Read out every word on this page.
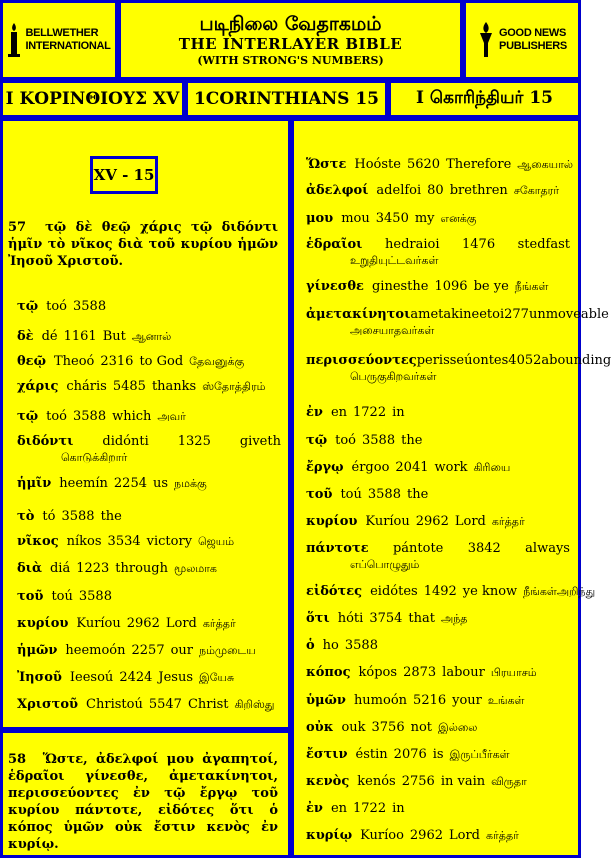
BELLWETHER
INTERNATIONAL
படிநிலை வேதாகமம்
THE INTERLAYER BIBLE
(WITH STRONG'S NUMBERS)
GOOD NEWS
PUBLISHERS
Ι ΚΟΡΙΝΘΙΟΥΣ XV 1CORINTHIANS 15 I கொரிந்தியர் 15
XV - 15
57 τῷ δὲ θεῷ χάρις τῷ διδόντι ἡμῖν τὸ νῖκος διὰ τοῦ κυρίου ἡμῶν Ἰησοῦ Χριστοῦ.
τῷ toó 3588
δὲ dé 1161 But ஆனால்
θεῷ Theoó 2316 to God தேவனுக்கு
χάρις cháris 5485 thanks ஸ்தோத்திரம்
τῷ toó 3588 which அவர்
διδόντι didónti 1325 giveth
கொடுக்கிறார்
ἡμῖν heemín 2254 us நமக்கு
τὸ tó 3588 the
νῖκος níkos 3534 victory ஜெயம்
διὰ diá 1223 through மூலமாக
τοῦ toú 3588
κυρίου Kuríou 2962 Lord கர்த்தர்
ἡμῶν heemoón 2257 our நம்முடைய
Ἰησοῦ Ieesoú 2424 Jesus இயேசு
Χριστοῦ Christoú 5547 Christ கிறிஸ்து
58 Ὥστε, ἀδελφοί μου ἀγαπητοί, ἑδραῖοι γίνεσθε, ἀμετακίνητοι, περισσεύοντες ἐν τῷ ἔργῳ τοῦ κυρίου πάντοτε, εἰδότες ὅτι ὁ κόπος ὑμῶν οὐκ ἔστιν κενὸς ἐν κυρίῳ.
Ὥστε Hoóste 5620 Therefore ஆகையால்
ἀδελφοί adelfoi 80 brethren சகோதரர்
μου mou 3450 my எனக்கு
ἑδραῖοι hedraioi 1476 stedfast
உறுதியுட்டவர்கள்
γίνεσθε ginesthe 1096 be ye நீங்கள்
ἀμετακίνητοι ametakineetoi 277 unmoveable
அசையாதவர்கள்
περισσεύοντες perisseúontes 4052 abounding
பெருகுகிறவர்கள்
ἐν en 1722 in
τῷ toó 3588 the
ἔργῳ érgoo 2041 work கிரியை
τοῦ toú 3588 the
κυρίου Kuríou 2962 Lord கர்த்தர்
πάντοτε pántote 3842 always
எப்பொழுதும்
εἰδότες eidótes 1492 ye know நீங்கள்அறிந்து
ὅτι hóti 3754 that அந்த
ὁ ho 3588
κόπος kópos 2873 labour பிரயாசம்
ὑμῶν humoón 5216 your உங்கள்
οὐκ ouk 3756 not இல்லை
ἔστιν éstin 2076 is இருப்பீர்கள்
κενὸς kenós 2756 in vain விருதா
ἐν en 1722 in
κυρίῳ Kuríoo 2962 Lord கர்த்தர்
